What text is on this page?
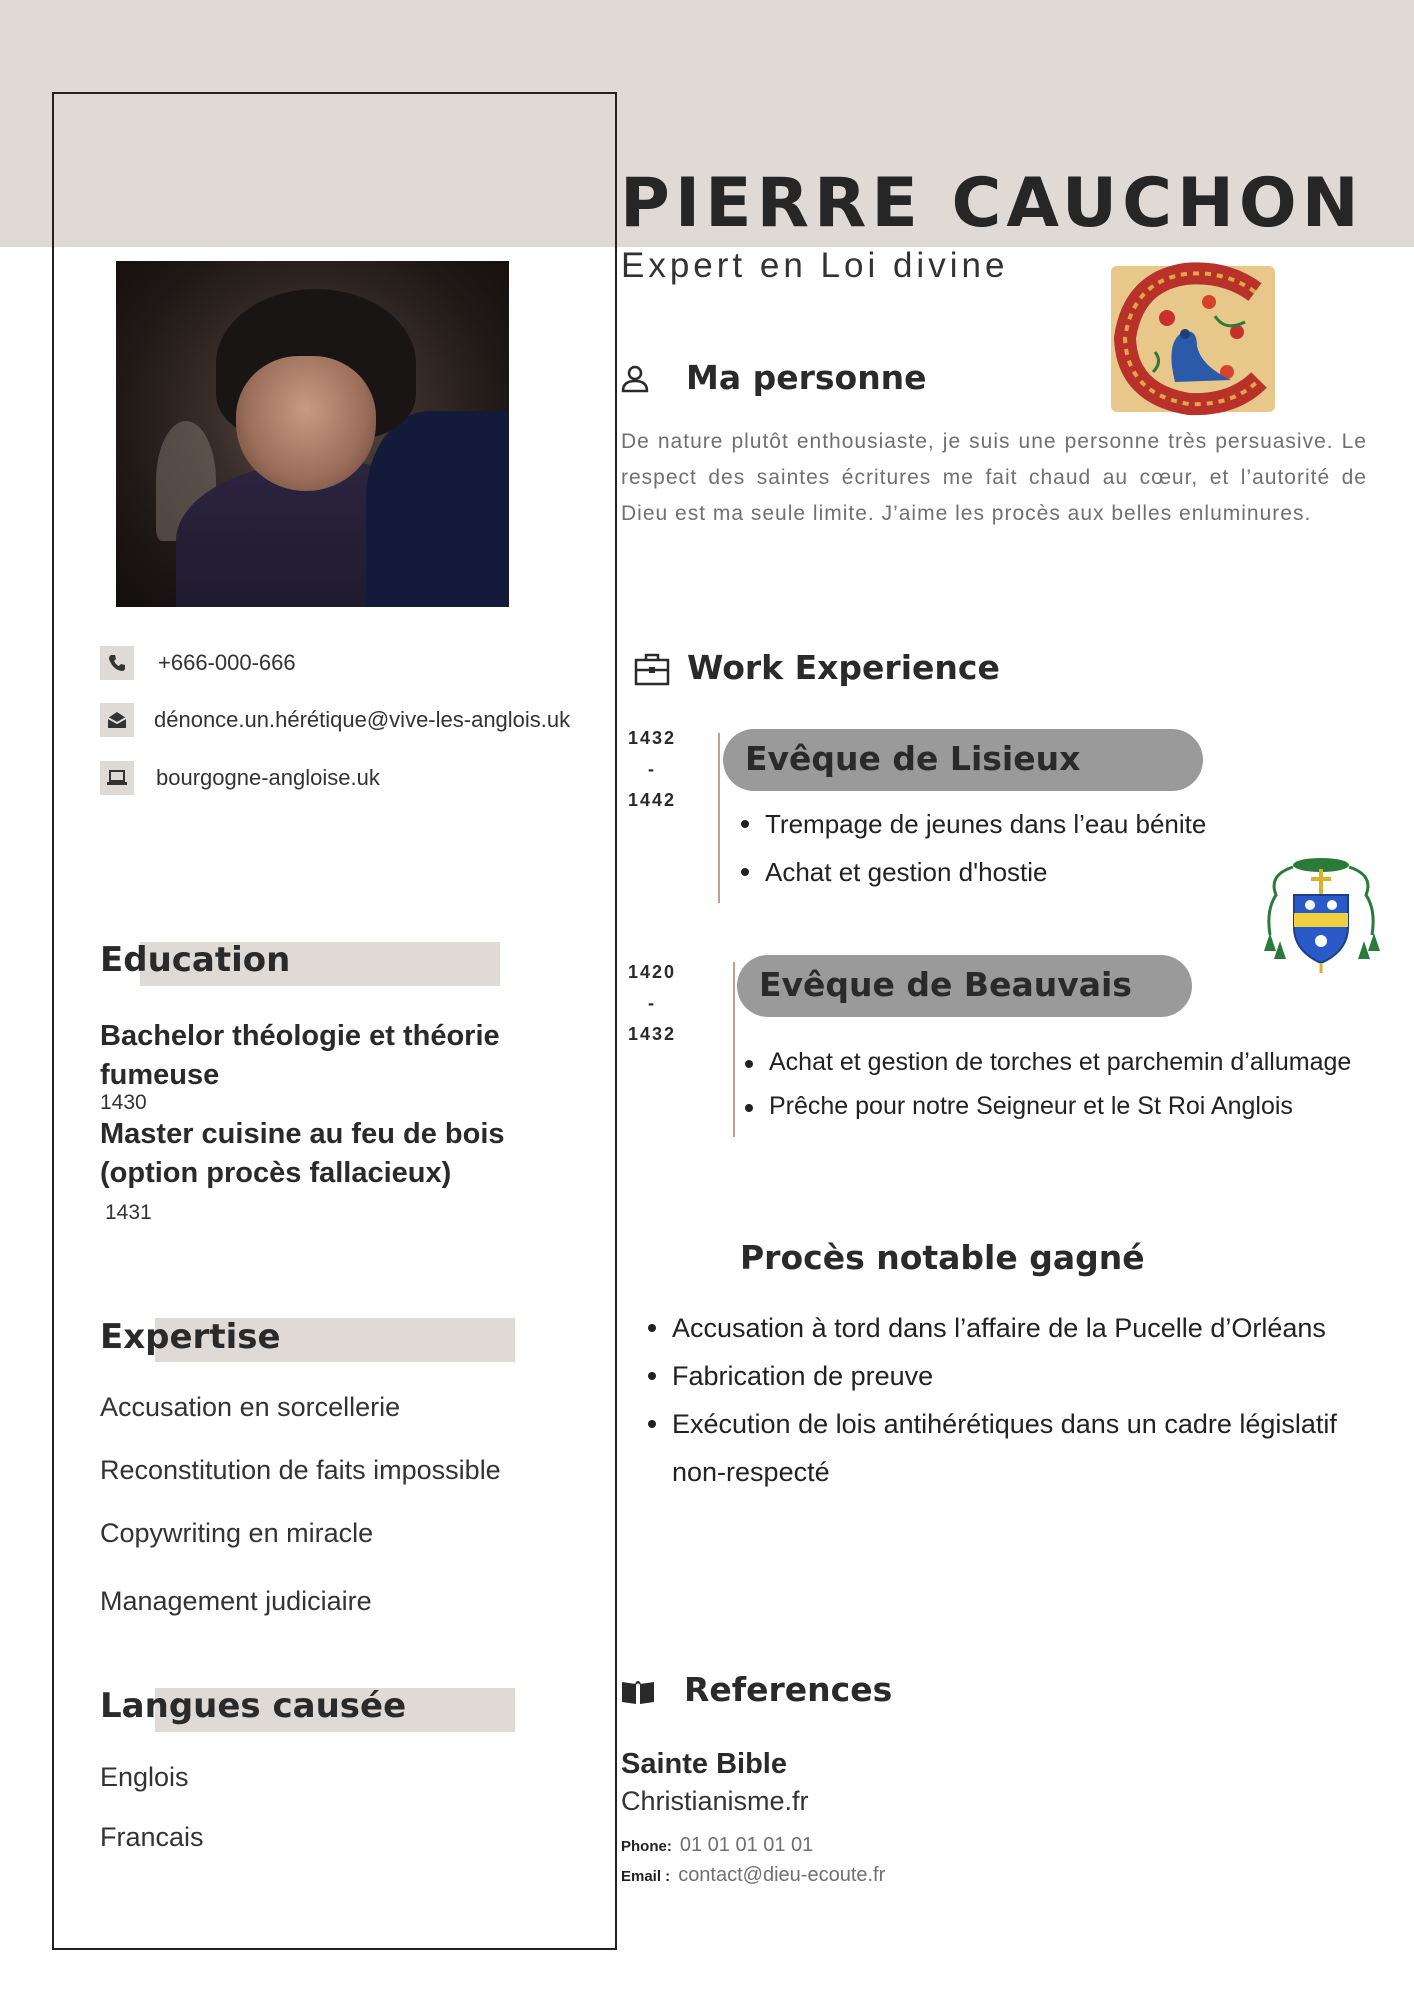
PIERRE CAUCHON
Expert en Loi divine
+666-000-666
dénonce.un.hérétique@vive-les-anglois.uk
bourgogne-angloise.uk
Education
Bachelor théologie et théorie fumeuse
1430
Master cuisine au feu de bois (option procès fallacieux)
1431
Expertise
Accusation en sorcellerie
Reconstitution de faits impossible
Copywriting en miracle
Management judiciaire
Langues causée
Englois
Francais
Ma personne

De nature plutôt enthousiaste, je suis une personne très persuasive. Le respect des saintes écritures me fait chaud au cœur, et l’autorité de Dieu est ma seule limite. J’aime les procès aux belles enluminures.

Work Experience
1432
-
1442
Evêque de Lisieux
Trempage de jeunes dans l’eau bénite
Achat et gestion d'hostie
1420
-
1432
Evêque de Beauvais
Achat et gestion de torches et parchemin d’allumage
Prêche pour notre Seigneur et le St Roi Anglois
Procès notable gagné
Accusation à tord dans l’affaire de la Pucelle d’Orléans
Fabrication de preuve
Exécution de lois antihérétiques dans un cadre législatif
non-respecté
References
Sainte Bible
Christianisme.fr
Phone: 01 01 01 01 01
Email : contact@dieu-ecoute.fr
